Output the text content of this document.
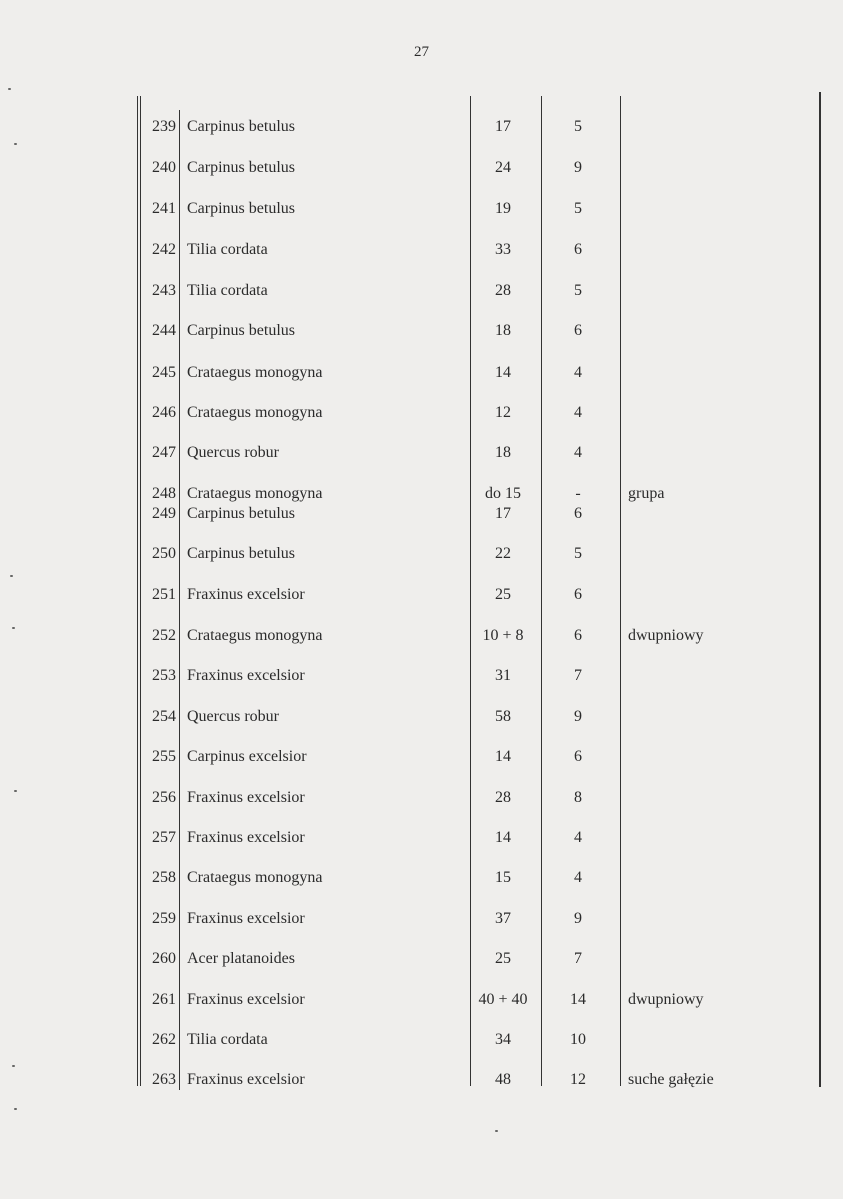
27
239 Carpinus betulus	17	5
240 Carpinus betulus	24	9
241 Carpinus betulus	19	5
242 Tilia cordata	33	6
243 Tilia cordata	28	5
244 Carpinus betulus	18	6
245 Crataegus monogyna	14	4
246 Crataegus monogyna	12	4
247 Quercus robur	18	4
248 Crataegus monogyna	do 15	-	grupa
249 Carpinus betulus	17	6
250 Carpinus betulus	22	5
251 Fraxinus excelsior	25	6
252 Crataegus monogyna	10 + 8	6	dwupniowy
253 Fraxinus excelsior	31	7
254 Quercus robur	58	9
255 Carpinus excelsior	14	6
256 Fraxinus excelsior	28	8
257 Fraxinus excelsior	14	4
258 Crataegus monogyna	15	4
259 Fraxinus excelsior	37	9
260 Acer platanoides	25	7
261 Fraxinus excelsior	40 + 40	14	dwupniowy
262 Tilia cordata	34	10
263 Fraxinus excelsior	48	12	suche gałęzie
